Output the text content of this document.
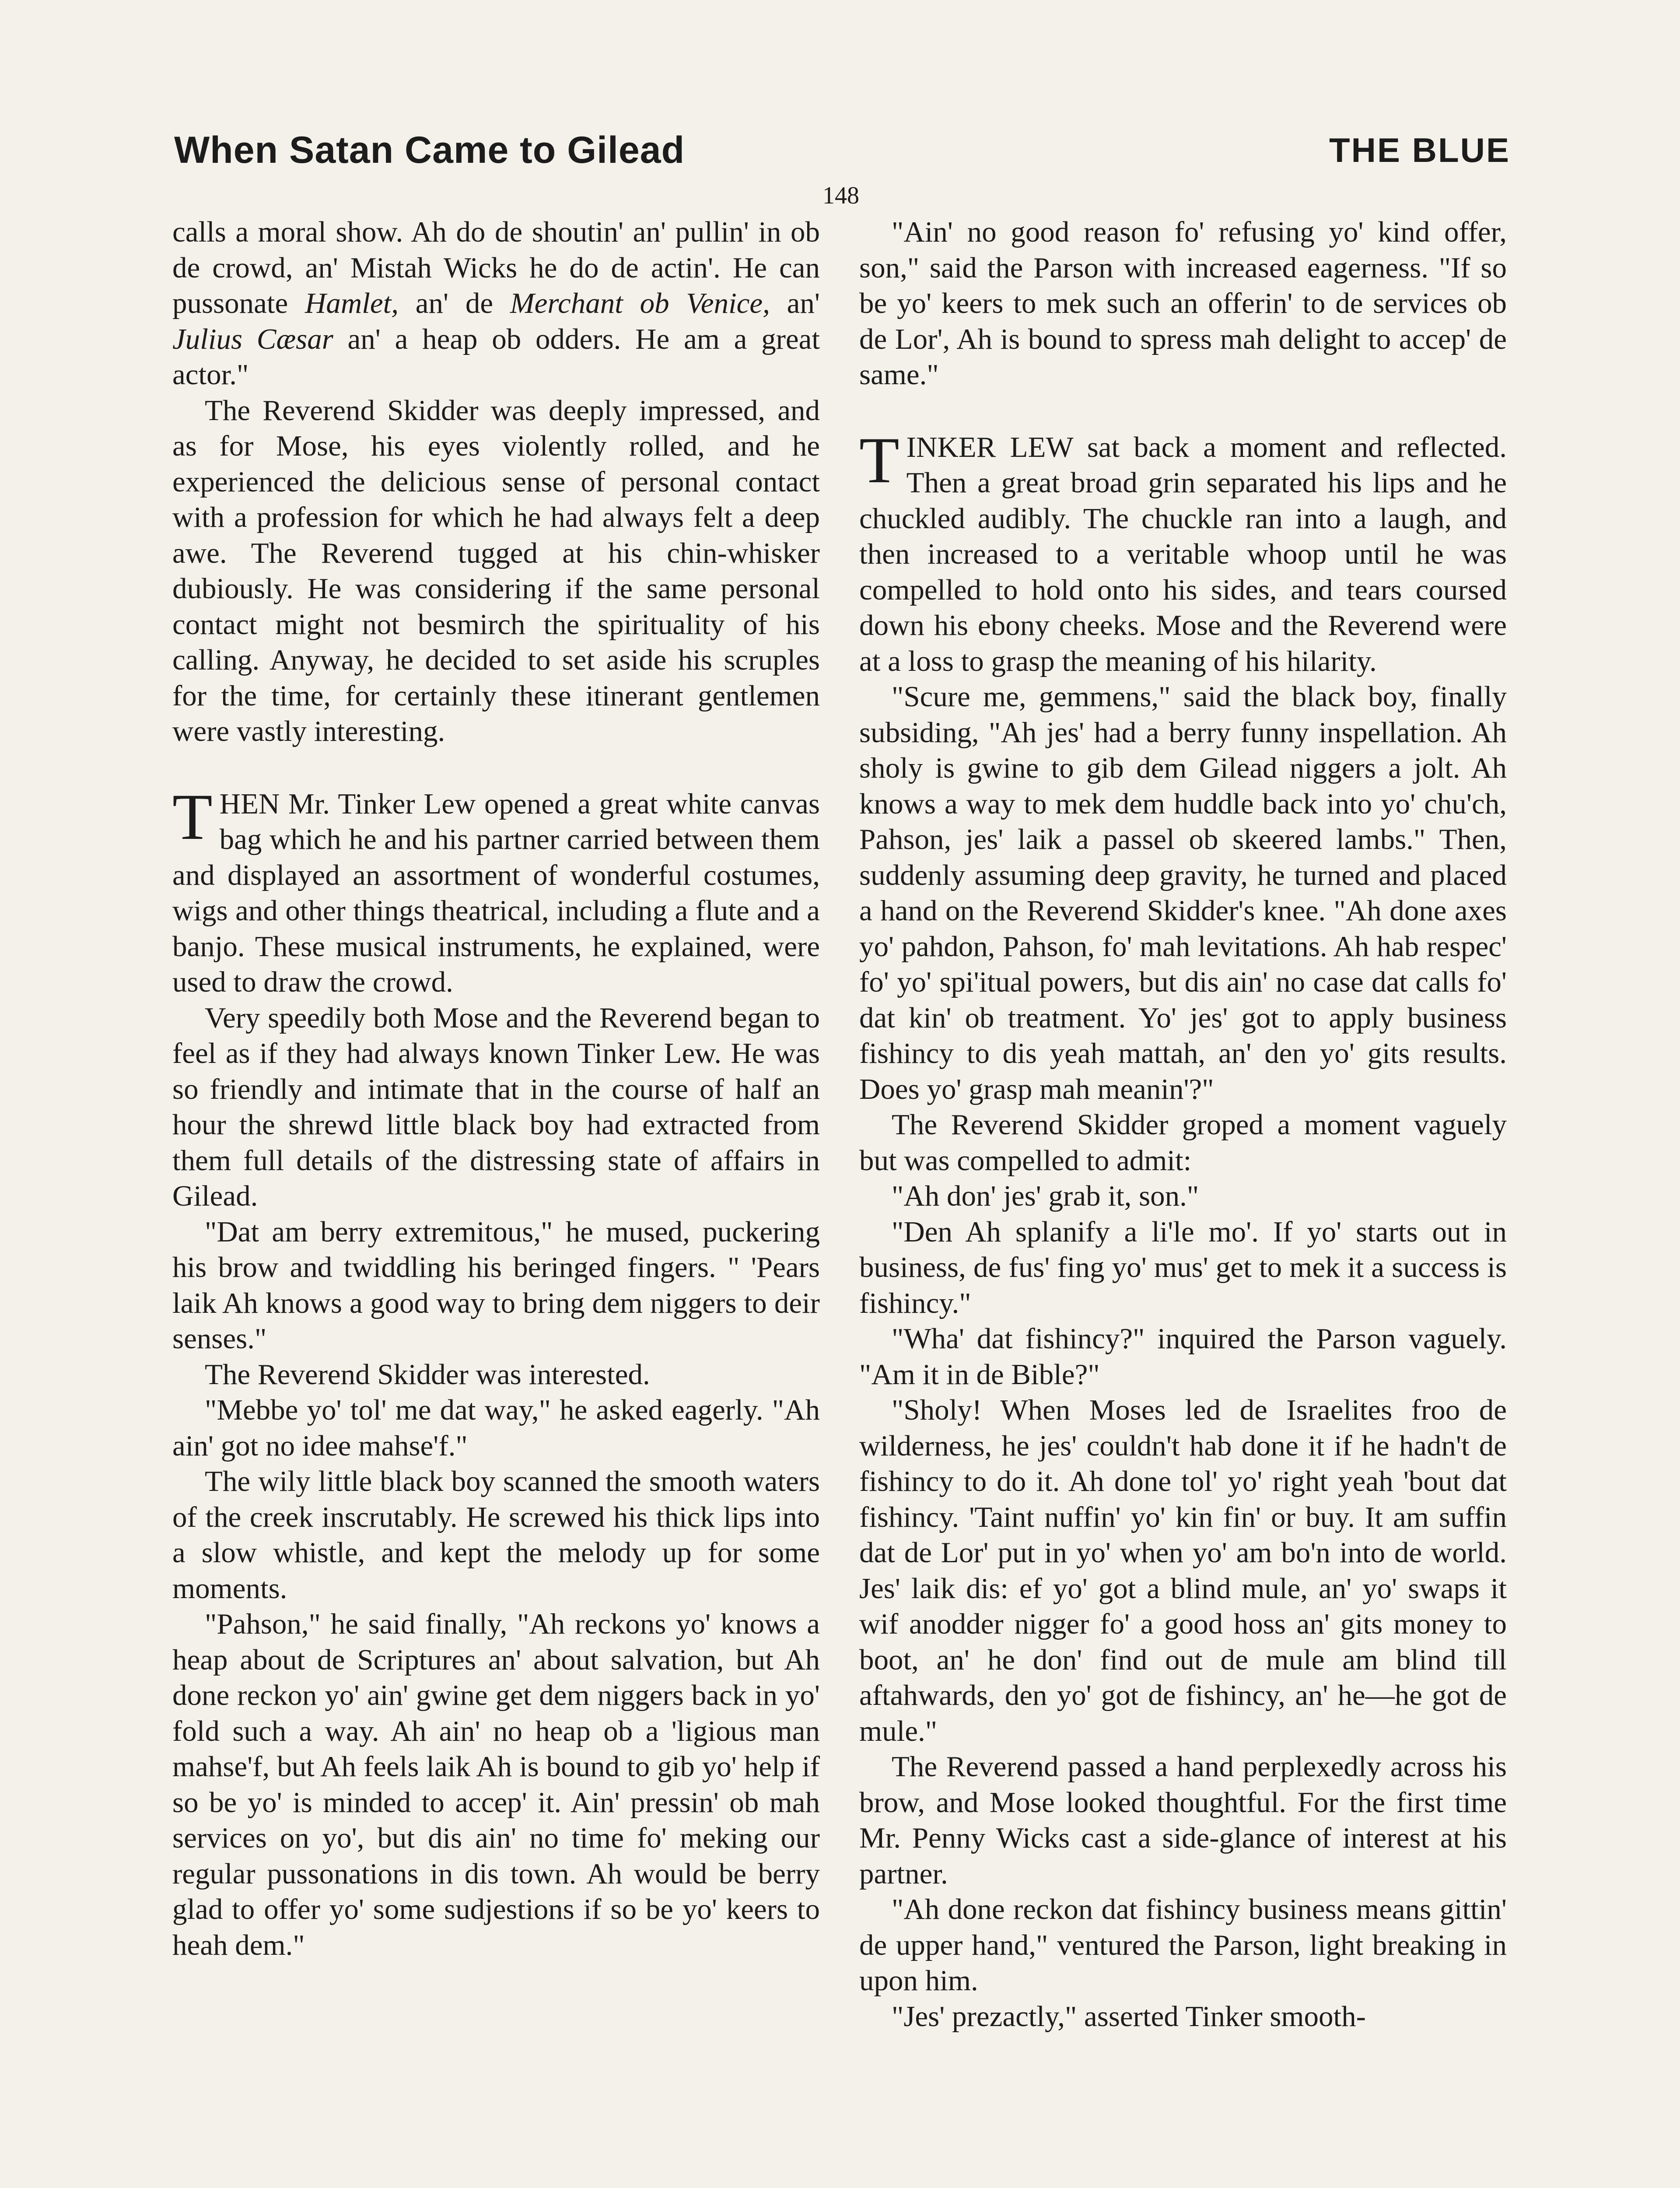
When Satan Came to Gilead	THE BLUE
148

calls a moral show. Ah do de shoutin' an' pullin' in ob de crowd, an' Mistah Wicks he do de actin'. He can pussonate Hamlet, an' de Merchant ob Venice, an' Julius Cæsar an' a heap ob odders. He am a great actor."

The Reverend Skidder was deeply impressed, and as for Mose, his eyes violently rolled, and he experienced the delicious sense of personal contact with a profession for which he had always felt a deep awe. The Reverend tugged at his chin-whisker dubiously. He was considering if the same personal contact might not besmirch the spirituality of his calling. Anyway, he decided to set aside his scruples for the time, for certainly these itinerant gentlemen were vastly interesting.

THEN Mr. Tinker Lew opened a great white canvas bag which he and his partner carried between them and displayed an assortment of wonderful costumes, wigs and other things theatrical, including a flute and a banjo. These musical instruments, he explained, were used to draw the crowd.

Very speedily both Mose and the Reverend began to feel as if they had always known Tinker Lew. He was so friendly and intimate that in the course of half an hour the shrewd little black boy had extracted from them full details of the distressing state of affairs in Gilead.

"Dat am berry extremitous," he mused, puckering his brow and twiddling his beringed fingers. " 'Pears laik Ah knows a good way to bring dem niggers to deir senses."

The Reverend Skidder was interested.

"Mebbe yo' tol' me dat way," he asked eagerly. "Ah ain' got no idee mahse'f."

The wily little black boy scanned the smooth waters of the creek inscrutably. He screwed his thick lips into a slow whistle, and kept the melody up for some moments.

"Pahson," he said finally, "Ah reckons yo' knows a heap about de Scriptures an' about salvation, but Ah done reckon yo' ain' gwine get dem niggers back in yo' fold such a way. Ah ain' no heap ob a 'ligious man mahse'f, but Ah feels laik Ah is bound to gib yo' help if so be yo' is minded to accep' it. Ain' pressin' ob mah services on yo', but dis ain' no time fo' meking our regular pussonations in dis town. Ah would be berry glad to offer yo' some sudjestions if so be yo' keers to heah dem."

"Ain' no good reason fo' refusing yo' kind offer, son," said the Parson with increased eagerness. "If so be yo' keers to mek such an offerin' to de services ob de Lor', Ah is bound to spress mah delight to accep' de same."

TINKER LEW sat back a moment and reflected. Then a great broad grin separated his lips and he chuckled audibly. The chuckle ran into a laugh, and then increased to a veritable whoop until he was compelled to hold onto his sides, and tears coursed down his ebony cheeks. Mose and the Reverend were at a loss to grasp the meaning of his hilarity.

"Scure me, gemmens," said the black boy, finally subsiding, "Ah jes' had a berry funny inspellation. Ah sholy is gwine to gib dem Gilead niggers a jolt. Ah knows a way to mek dem huddle back into yo' chu'ch, Pahson, jes' laik a passel ob skeered lambs." Then, suddenly assuming deep gravity, he turned and placed a hand on the Reverend Skidder's knee. "Ah done axes yo' pahdon, Pahson, fo' mah levitations. Ah hab respec' fo' yo' spi'itual powers, but dis ain' no case dat calls fo' dat kin' ob treatment. Yo' jes' got to apply business fishincy to dis yeah mattah, an' den yo' gits results. Does yo' grasp mah meanin'?"

The Reverend Skidder groped a moment vaguely but was compelled to admit:

"Ah don' jes' grab it, son."

"Den Ah splanify a li'le mo'. If yo' starts out in business, de fus' fing yo' mus' get to mek it a success is fishincy."

"Wha' dat fishincy?" inquired the Parson vaguely. "Am it in de Bible?"

"Sholy! When Moses led de Israelites froo de wilderness, he jes' couldn't hab done it if he hadn't de fishincy to do it. Ah done tol' yo' right yeah 'bout dat fishincy. 'Taint nuffin' yo' kin fin' or buy. It am suffin dat de Lor' put in yo' when yo' am bo'n into de world. Jes' laik dis: ef yo' got a blind mule, an' yo' swaps it wif anodder nigger fo' a good hoss an' gits money to boot, an' he don' find out de mule am blind till aftahwards, den yo' got de fishincy, an' he—he got de mule."

The Reverend passed a hand perplexedly across his brow, and Mose looked thoughtful. For the first time Mr. Penny Wicks cast a side-glance of interest at his partner.

"Ah done reckon dat fishincy business means gittin' de upper hand," ventured the Parson, light breaking in upon him.

"Jes' prezactly," asserted Tinker smooth-
